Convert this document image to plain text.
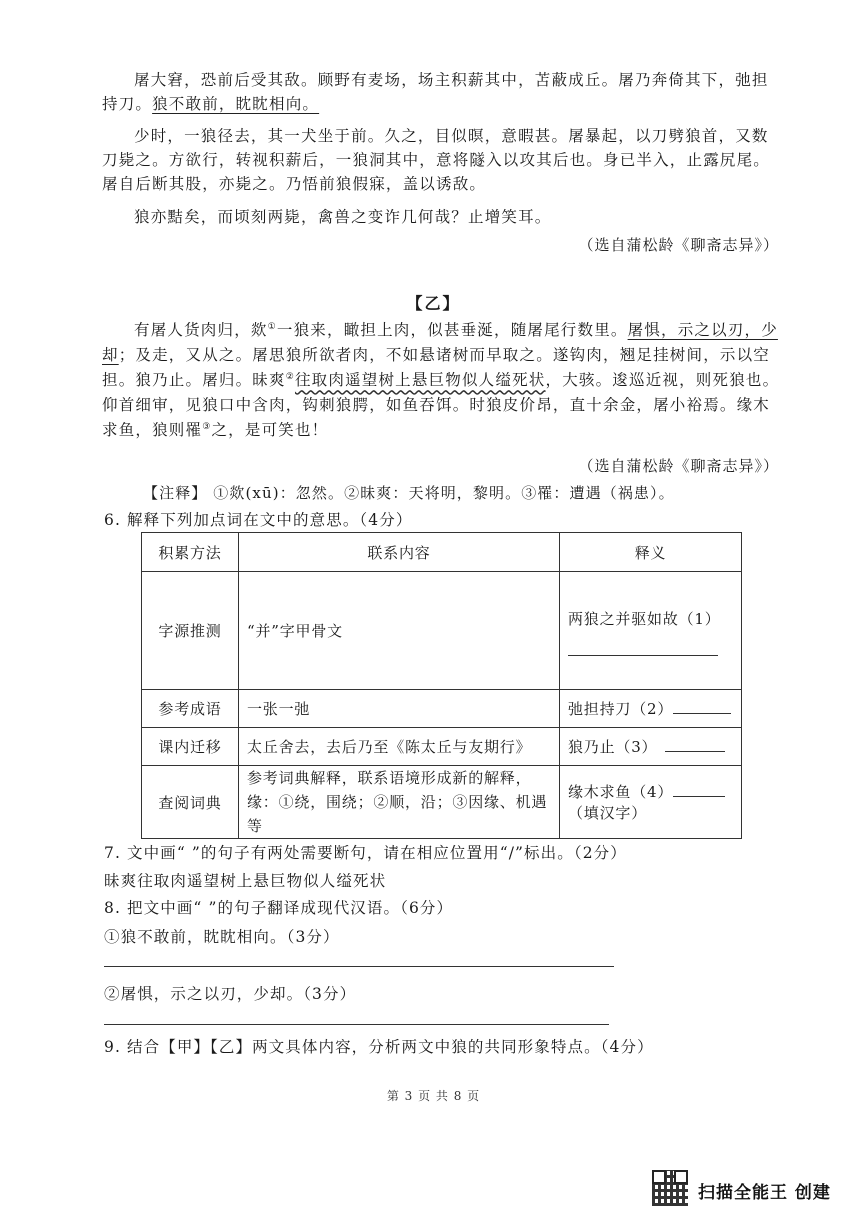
屠大窘，恐前后受其敌。顾野有麦场，场主积薪其中，苫蔽成丘。屠乃奔倚其下，弛担持刀。狼不敢前，眈眈相向。
少时，一狼径去，其一犬坐于前。久之，目似暝，意暇甚。屠暴起，以刀劈狼首，又数刀毙之。方欲行，转视积薪后，一狼洞其中，意将隧入以攻其后也。身已半入，止露尻尾。屠自后断其股，亦毙之。乃悟前狼假寐，盖以诱敌。
狼亦黠矣，而顷刻两毙，禽兽之变诈几何哉？止增笑耳。
（选自蒲松龄《聊斋志异》）
【乙】
有屠人货肉归，欻①一狼来，瞰担上肉，似甚垂涎，随屠尾行数里。屠惧，示之以刃，少却；及走，又从之。屠思狼所欲者肉，不如悬诸树而早取之。遂钩肉，翘足挂树间，示以空担。狼乃止。屠归。昧爽②往取肉遥望树上悬巨物似人缢死状，大骇。逡巡近视，则死狼也。仰首细审，见狼口中含肉，钩刺狼腭，如鱼吞饵。时狼皮价昂，直十余金，屠小裕焉。缘木求鱼，狼则罹③之，是可笑也！
（选自蒲松龄《聊斋志异》）
【注释】 ①欻(xū)：忽然。②昧爽：天将明，黎明。③罹：遭遇（祸患）。
6. 解释下列加点词在文中的意思。（4分）
积累方法	联系内容	释义
字源推测	“并”字甲骨文	两狼之并驱如故（1）

参考成语	一张一弛	弛担持刀（2）
课内迁移	太丘舍去，去后乃至《陈太丘与友期行》	狼乃止（3）
查阅词典	参考词典解释，联系语境形成新的解释，缘：①绕，围绕；②顺，沿；③因缘、机遇等	缘木求鱼（4）
（填汉字）
7. 文中画“ ”的句子有两处需要断句，请在相应位置用“/”标出。（2分）
昧爽往取肉遥望树上悬巨物似人缢死状
8. 把文中画“ ”的句子翻译成现代汉语。（6分）
①狼不敢前，眈眈相向。（3分）
②屠惧，示之以刃，少却。（3分）
9. 结合【甲】【乙】两文具体内容，分析两文中狼的共同形象特点。（4分）
第 3 页 共 8 页
扫描全能王 创建
